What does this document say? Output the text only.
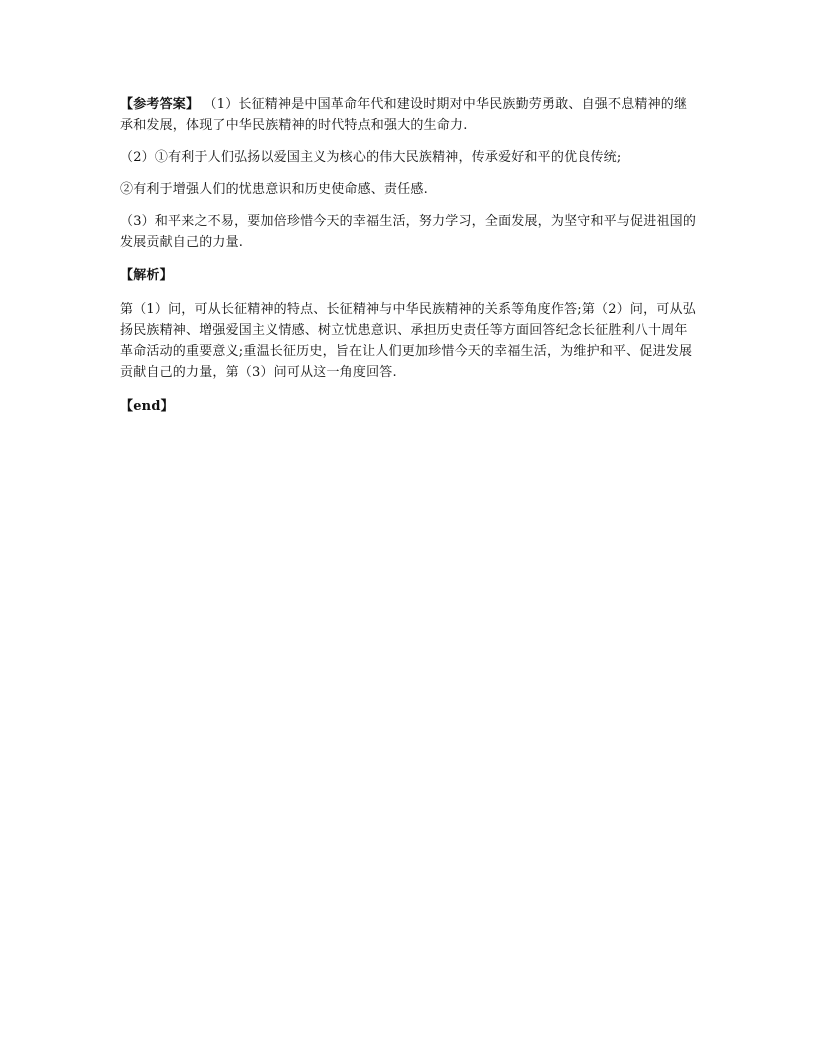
【参考答案】 （1）长征精神是中国革命年代和建设时期对中华民族勤劳勇敢、自强不息精神的继承和发展，体现了中华民族精神的时代特点和强大的生命力.

（2）①有利于人们弘扬以爱国主义为核心的伟大民族精神，传承爱好和平的优良传统;

②有利于增强人们的忧患意识和历史使命感、责任感.

（3）和平来之不易，要加倍珍惜今天的幸福生活，努力学习，全面发展，为坚守和平与促进祖国的发展贡献自己的力量.

【解析】

第（1）问，可从长征精神的特点、长征精神与中华民族精神的关系等角度作答;第（2）问，可从弘扬民族精神、增强爱国主义情感、树立忧患意识、承担历史责任等方面回答纪念长征胜利八十周年革命活动的重要意义;重温长征历史，旨在让人们更加珍惜今天的幸福生活，为维护和平、促进发展贡献自己的力量，第（3）问可从这一角度回答.

【end】
